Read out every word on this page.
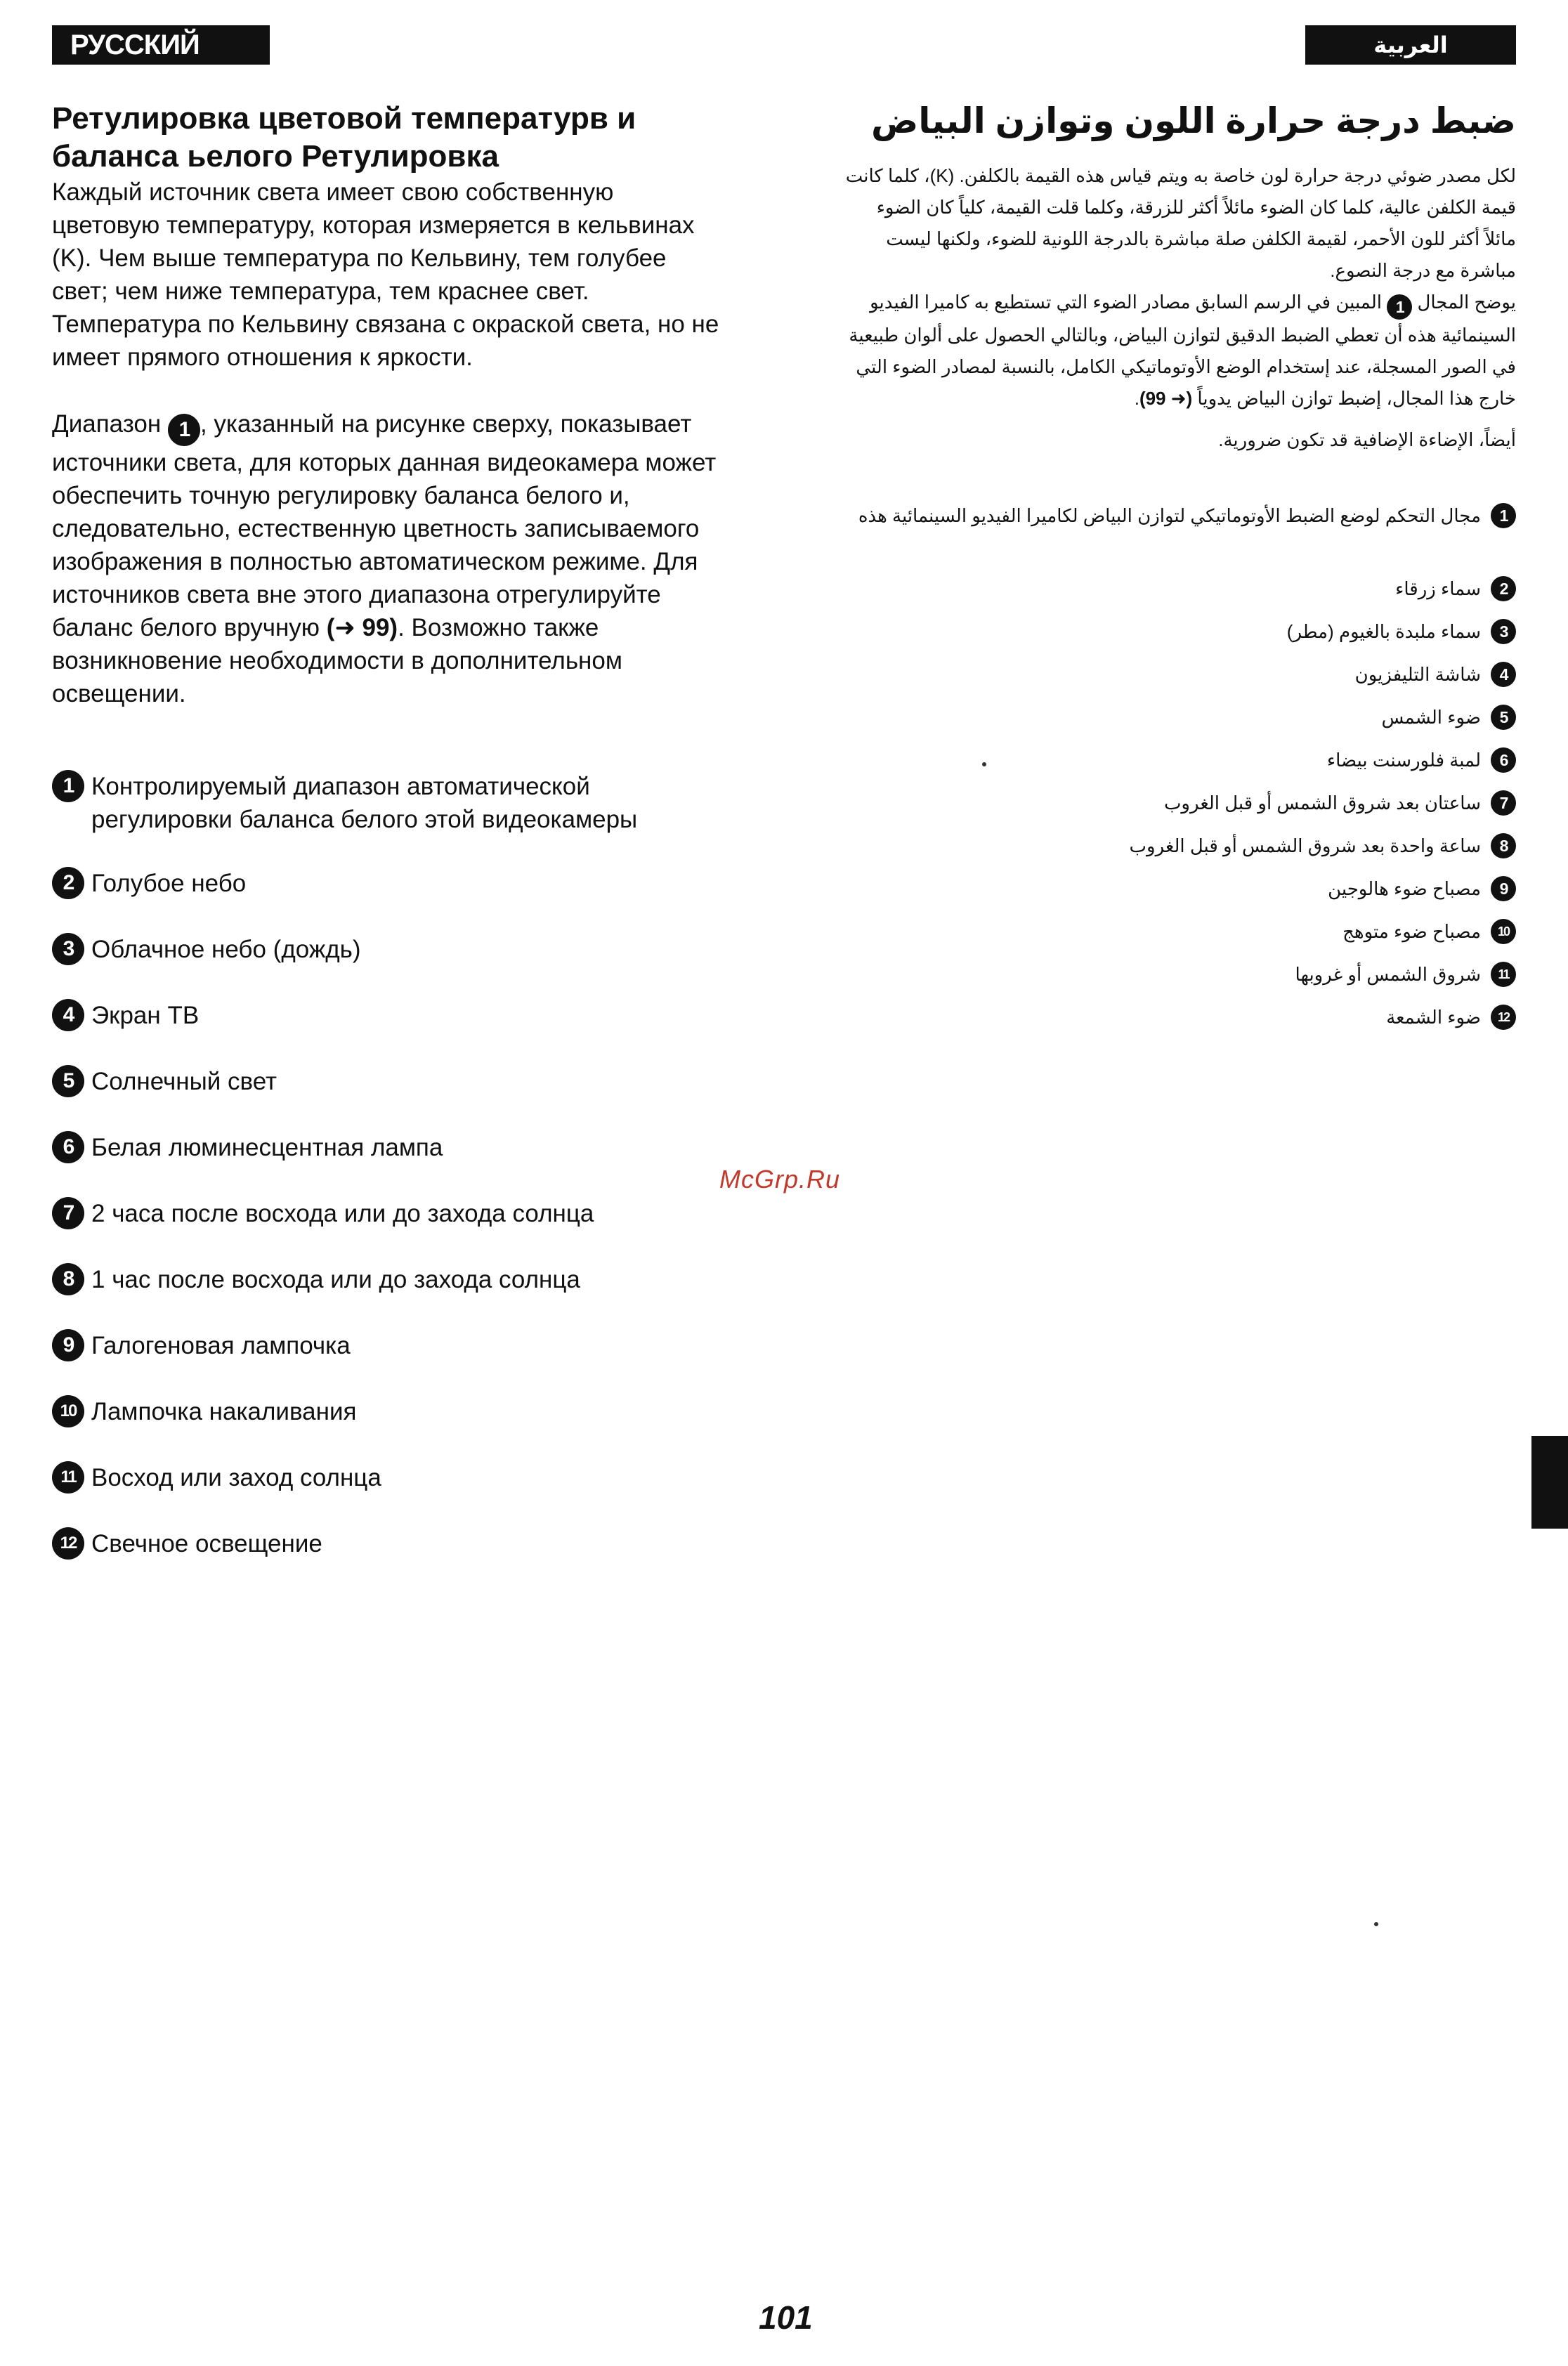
РУССКИЙ ЯЗЫК
العربية
Ретулировка цветовой температурв и баланса ьелого Ретулировка

Каждый источник света имеет свою собственную цветовую температуру, которая измеряется в кельвинах (K). Чем выше температура по Кельвину, тем голубее свет; чем ниже температура, тем краснее свет. Температура по Кельвину связана с окраской света, но не имеет прямого отношения к яркости.

Диапазон 1 , указанный на рисунке сверху, показывает источники света, для которых данная видеокамера может обеспечить точную регулировку баланса белого и, следовательно, естественную цветность записываемого изображения в полностью автоматическом режиме. Для источников света вне этого диапазона отрегулируйте баланс белого вручную (➜ 99). Возможно также возникновение необходимости в дополнительном освещении.

1 Контролируемый диапазон автоматической регулировки баланса белого этой видеокамеры
2 Голубое небо
3 Облачное небо (дождь)
4 Экран ТВ
5 Солнечный свет
6 Белая люминесцентная лампа
7 2 часа после восхода или до захода солнца
8 1 час после восхода или до захода солнца
9 Галогеновая лампочка
10 Лампочка накаливания
11 Восход или заход солнца
12 Свечное освещение
ضبط درجة حرارة اللون وتوازن البياض
لكل مصدر ضوئي درجة حرارة لون خاصة به ويتم قياس هذه القيمة بالكلفن. (K)، كلما كانت قيمة الكلفن عالية، كلما كان الضوء مائلاً أكثر للزرقة، وكلما قلت القيمة، كلياً كان الضوء مائلاً أكثر للون الأحمر، لقيمة الكلفن صلة مباشرة بالدرجة اللونية للضوء، ولكنها ليست مباشرة مع درجة النصوع.
يوضح المجال 1 المبين في الرسم السابق مصادر الضوء التي تستطيع به كاميرا الفيديو السينمائية هذه أن تعطي الضبط الدقيق لتوازن البياض، وبالتالي الحصول على ألوان طبيعية في الصور المسجلة، عند إستخدام الوضع الأوتوماتيكي الكامل، بالنسبة لمصادر الضوء التي خارج هذا المجال، إضبط توازن البياض يدوياً (99 ➜).
أيضاً، الإضاءة الإضافية قد تكون ضرورية.
1
مجال التحكم لوضع الضبط الأوتوماتيكي لتوازن البياض لكاميرا الفيديو السينمائية هذه
2
سماء زرقاء
3
سماء ملبدة بالغيوم (مطر)
4
شاشة التليفزيون
5
ضوء الشمس
6
لمبة فلورسنت بيضاء
7
ساعتان بعد شروق الشمس أو قبل الغروب
8
ساعة واحدة بعد شروق الشمس أو قبل الغروب
9
مصباح ضوء هالوجين
10
مصباح ضوء متوهج
11
شروق الشمس أو غروبها
12
ضوء الشمعة
McGrp.Ru
101
